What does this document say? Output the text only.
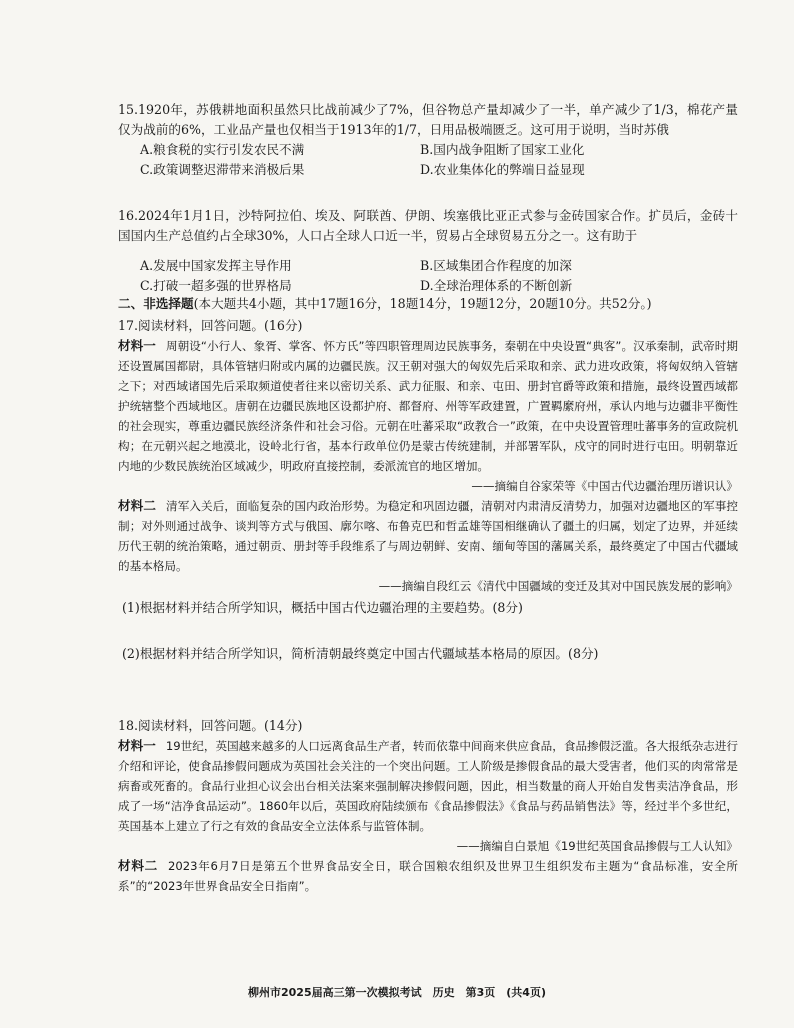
15.1920年，苏俄耕地面积虽然只比战前减少了7%，但谷物总产量却减少了一半，单产减少了1/3，棉花产量仅为战前的6%，工业品产量也仅相当于1913年的1/7，日用品极端匮乏。这可用于说明，当时苏俄
A.粮食税的实行引发农民不满	B.国内战争阻断了国家工业化
C.政策调整迟滞带来消极后果	D.农业集体化的弊端日益显现
16.2024年1月1日，沙特阿拉伯、埃及、阿联酋、伊朗、埃塞俄比亚正式参与金砖国家合作。扩员后，金砖十国国内生产总值约占全球30%，人口占全球人口近一半，贸易占全球贸易五分之一。这有助于
A.发展中国家发挥主导作用	B.区域集团合作程度的加深
C.打破一超多强的世界格局	D.全球治理体系的不断创新
二、非选择题(本大题共4小题，其中17题16分，18题14分，19题12分，20题10分。共52分。)
17.阅读材料，回答问题。(16分)
材料一 周朝设“小行人、象胥、掌客、怀方氏”等四职管理周边民族事务，秦朝在中央设置“典客”。汉承秦制，武帝时期还设置属国都尉，具体管辖归附或内属的边疆民族。汉王朝对强大的匈奴先后采取和亲、武力进攻政策，将匈奴纳入管辖之下；对西域诸国先后采取频道使者往来以密切关系、武力征服、和亲、屯田、册封官爵等政策和措施，最终设置西域都护统辖整个西域地区。唐朝在边疆民族地区设都护府、都督府、州等军政建置，广置羁縻府州，承认内地与边疆非平衡性的社会现实，尊重边疆民族经济条件和社会习俗。元朝在吐蕃采取“政教合一”政策，在中央设置管理吐蕃事务的宣政院机构；在元朝兴起之地漠北，设岭北行省，基本行政单位仍是蒙古传统建制，并部署军队，戍守的同时进行屯田。明朝靠近内地的少数民族统治区域减少，明政府直接控制，委派流官的地区增加。
——摘编自谷家荣等《中国古代边疆治理历谱识认》
材料二 清军入关后，面临复杂的国内政治形势。为稳定和巩固边疆，清朝对内肃清反清势力，加强对边疆地区的军事控制；对外则通过战争、谈判等方式与俄国、廓尔喀、布鲁克巴和哲孟雄等国相继确认了疆土的归属，划定了边界，并延续历代王朝的统治策略，通过朝贡、册封等手段维系了与周边朝鲜、安南、缅甸等国的藩属关系，最终奠定了中国古代疆域的基本格局。
——摘编自段红云《清代中国疆域的变迁及其对中国民族发展的影响》
(1)根据材料并结合所学知识，概括中国古代边疆治理的主要趋势。(8分)
(2)根据材料并结合所学知识，简析清朝最终奠定中国古代疆域基本格局的原因。(8分)
18.阅读材料，回答问题。(14分)
材料一 19世纪，英国越来越多的人口远离食品生产者，转而依靠中间商来供应食品，食品掺假泛滥。各大报纸杂志进行介绍和评论，使食品掺假问题成为英国社会关注的一个突出问题。工人阶级是掺假食品的最大受害者，他们买的肉常常是病畜或死畜的。食品行业担心议会出台相关法案来强制解决掺假问题，因此，相当数量的商人开始自发售卖洁净食品，形成了一场“洁净食品运动”。1860年以后，英国政府陆续颁布《食品掺假法》《食品与药品销售法》等，经过半个多世纪，英国基本上建立了行之有效的食品安全立法体系与监管体制。
——摘编自白景旭《19世纪英国食品掺假与工人认知》
材料二 2023年6月7日是第五个世界食品安全日，联合国粮农组织及世界卫生组织发布主题为“食品标准，安全所系”的“2023年世界食品安全日指南”。
柳州市2025届高三第一次模拟考试　历史　第3页　(共4页)
